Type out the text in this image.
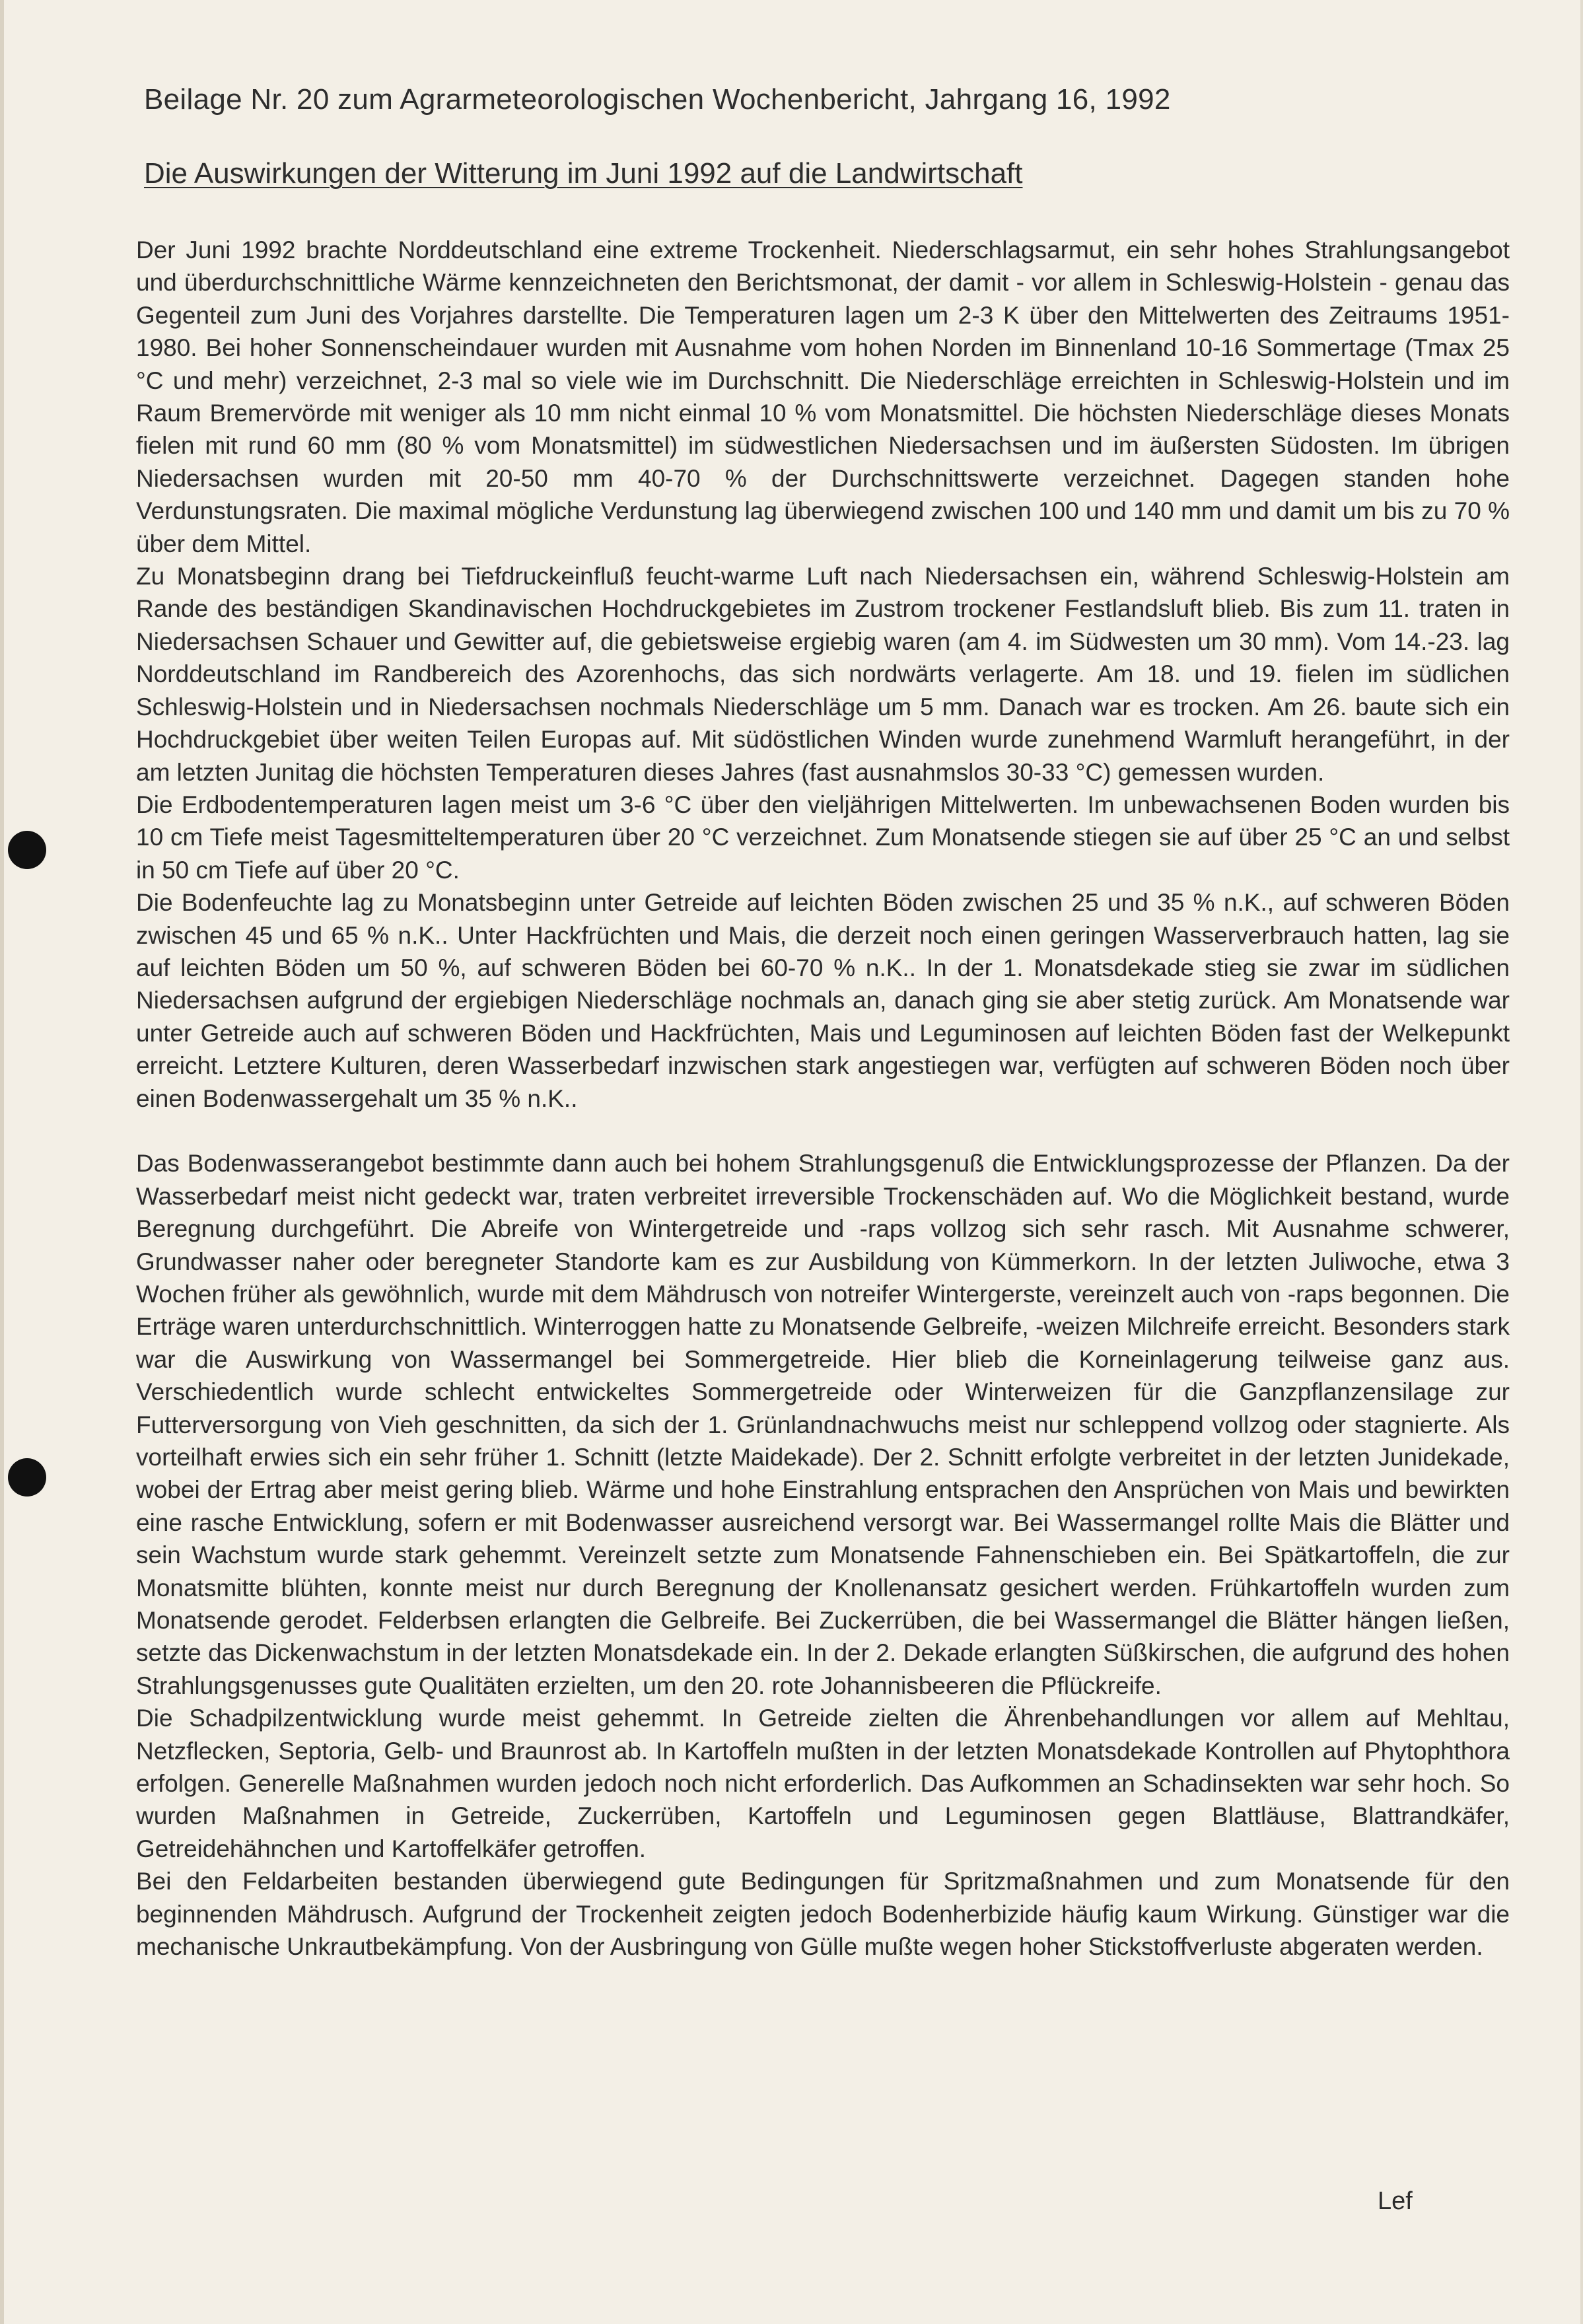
Beilage Nr. 20 zum Agrarmeteorologischen Wochenbericht, Jahrgang 16, 1992
Die Auswirkungen der Witterung im Juni 1992 auf die Landwirtschaft

Der Juni 1992 brachte Norddeutschland eine extreme Trockenheit. Niederschlagsarmut, ein sehr hohes Strahlungsangebot und überdurchschnittliche Wärme kennzeichneten den Berichtsmonat, der damit - vor allem in Schleswig-Holstein - genau das Gegenteil zum Juni des Vorjahres darstellte. Die Temperaturen lagen um 2-3 K über den Mittelwerten des Zeitraums 1951-1980. Bei hoher Sonnenscheindauer wurden mit Ausnahme vom hohen Norden im Binnenland 10-16 Sommertage (Tmax 25 °C und mehr) verzeichnet, 2-3 mal so viele wie im Durchschnitt. Die Niederschläge erreichten in Schleswig-Holstein und im Raum Bremervörde mit weniger als 10 mm nicht einmal 10 % vom Monatsmittel. Die höchsten Niederschläge dieses Monats fielen mit rund 60 mm (80 % vom Monatsmittel) im südwestlichen Niedersachsen und im äußersten Südosten. Im übrigen Niedersachsen wurden mit 20-50 mm 40-70 % der Durchschnittswerte verzeichnet. Dagegen standen hohe Verdunstungsraten. Die maximal mögliche Verdunstung lag überwiegend zwischen 100 und 140 mm und damit um bis zu 70 % über dem Mittel.

Zu Monatsbeginn drang bei Tiefdruckeinfluß feucht-warme Luft nach Niedersachsen ein, während Schleswig-Holstein am Rande des beständigen Skandinavischen Hochdruckgebietes im Zustrom trockener Festlandsluft blieb. Bis zum 11. traten in Niedersachsen Schauer und Gewitter auf, die gebietsweise ergiebig waren (am 4. im Südwesten um 30 mm). Vom 14.-23. lag Norddeutschland im Randbereich des Azorenhochs, das sich nordwärts verlagerte. Am 18. und 19. fielen im südlichen Schleswig-Holstein und in Niedersachsen nochmals Niederschläge um 5 mm. Danach war es trocken. Am 26. baute sich ein Hochdruckgebiet über weiten Teilen Europas auf. Mit südöstlichen Winden wurde zunehmend Warmluft herangeführt, in der am letzten Junitag die höchsten Temperaturen dieses Jahres (fast ausnahmslos 30-33 °C) gemessen wurden.

Die Erdbodentemperaturen lagen meist um 3-6 °C über den vieljährigen Mittelwerten. Im unbewachsenen Boden wurden bis 10 cm Tiefe meist Tagesmitteltemperaturen über 20 °C verzeichnet. Zum Monatsende stiegen sie auf über 25 °C an und selbst in 50 cm Tiefe auf über 20 °C.

Die Bodenfeuchte lag zu Monatsbeginn unter Getreide auf leichten Böden zwischen 25 und 35 % n.K., auf schweren Böden zwischen 45 und 65 % n.K.. Unter Hackfrüchten und Mais, die derzeit noch einen geringen Wasserverbrauch hatten, lag sie auf leichten Böden um 50 %, auf schweren Böden bei 60-70 % n.K.. In der 1. Monatsdekade stieg sie zwar im südlichen Niedersachsen aufgrund der ergiebigen Niederschläge nochmals an, danach ging sie aber stetig zurück. Am Monatsende war unter Getreide auch auf schweren Böden und Hackfrüchten, Mais und Leguminosen auf leichten Böden fast der Welkepunkt erreicht. Letztere Kulturen, deren Wasserbedarf inzwischen stark angestiegen war, verfügten auf schweren Böden noch über einen Bodenwassergehalt um 35 % n.K..

Das Bodenwasserangebot bestimmte dann auch bei hohem Strahlungsgenuß die Entwicklungsprozesse der Pflanzen. Da der Wasserbedarf meist nicht gedeckt war, traten verbreitet irreversible Trockenschäden auf. Wo die Möglichkeit bestand, wurde Beregnung durchgeführt. Die Abreife von Wintergetreide und -raps vollzog sich sehr rasch. Mit Ausnahme schwerer, Grundwasser naher oder beregneter Standorte kam es zur Ausbildung von Kümmerkorn. In der letzten Juliwoche, etwa 3 Wochen früher als gewöhnlich, wurde mit dem Mähdrusch von notreifer Wintergerste, vereinzelt auch von -raps begonnen. Die Erträge waren unterdurchschnittlich. Winterroggen hatte zu Monatsende Gelbreife, -weizen Milchreife erreicht. Besonders stark war die Auswirkung von Wassermangel bei Sommergetreide. Hier blieb die Korneinlagerung teilweise ganz aus. Verschiedentlich wurde schlecht entwickeltes Sommergetreide oder Winterweizen für die Ganzpflanzensilage zur Futterversorgung von Vieh geschnitten, da sich der 1. Grünlandnachwuchs meist nur schleppend vollzog oder stagnierte. Als vorteilhaft erwies sich ein sehr früher 1. Schnitt (letzte Maidekade). Der 2. Schnitt erfolgte verbreitet in der letzten Junidekade, wobei der Ertrag aber meist gering blieb. Wärme und hohe Einstrahlung entsprachen den Ansprüchen von Mais und bewirkten eine rasche Entwicklung, sofern er mit Bodenwasser ausreichend versorgt war. Bei Wassermangel rollte Mais die Blätter und sein Wachstum wurde stark gehemmt. Vereinzelt setzte zum Monatsende Fahnenschieben ein. Bei Spätkartoffeln, die zur Monatsmitte blühten, konnte meist nur durch Beregnung der Knollenansatz gesichert werden. Frühkartoffeln wurden zum Monatsende gerodet. Felderbsen erlangten die Gelbreife. Bei Zuckerrüben, die bei Wassermangel die Blätter hängen ließen, setzte das Dickenwachstum in der letzten Monatsdekade ein. In der 2. Dekade erlangten Süßkirschen, die aufgrund des hohen Strahlungsgenusses gute Qualitäten erzielten, um den 20. rote Johannisbeeren die Pflückreife.

Die Schadpilzentwicklung wurde meist gehemmt. In Getreide zielten die Ährenbehandlungen vor allem auf Mehltau, Netzflecken, Septoria, Gelb- und Braunrost ab. In Kartoffeln mußten in der letzten Monatsdekade Kontrollen auf Phytophthora erfolgen. Generelle Maßnahmen wurden jedoch noch nicht erforderlich. Das Aufkommen an Schadinsekten war sehr hoch. So wurden Maßnahmen in Getreide, Zuckerrüben, Kartoffeln und Leguminosen gegen Blattläuse, Blattrandkäfer, Getreidehähnchen und Kartoffelkäfer getroffen.

Bei den Feldarbeiten bestanden überwiegend gute Bedingungen für Spritzmaßnahmen und zum Monatsende für den beginnenden Mähdrusch. Aufgrund der Trockenheit zeigten jedoch Bodenherbizide häufig kaum Wirkung. Günstiger war die mechanische Unkrautbekämpfung. Von der Ausbringung von Gülle mußte wegen hoher Stickstoffverluste abgeraten werden.

Lef
